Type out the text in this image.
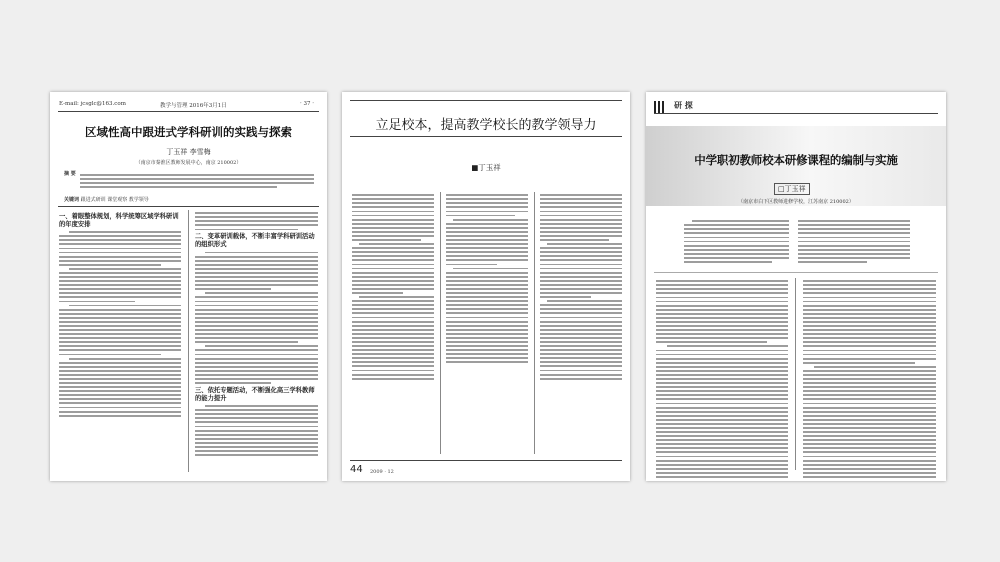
E-mail: jcsglc@163.com	教学与管理 2016年3月1日	· 37 ·
区域性高中跟进式学科研训的实践与探索
丁玉祥 李雪梅
（南京市秦淮区教师发展中心，南京 210002）
摘 要
关键词 跟进式研训 课堂观察 教学领导
一、着眼整体规划，科学统筹区域学科研训的年度安排
二、变革研训载体，不断丰富学科研训活动的组织形式
三、依托专题活动，不断强化高三学科教师的能力提升
立足校本，提高教学校长的教学领导力
■丁玉祥
44 2009 · 12
研 探
中学职初教师校本研修课程的编制与实施
□丁玉祥
（南京市白下区教师进修学校，江苏南京 210002）
